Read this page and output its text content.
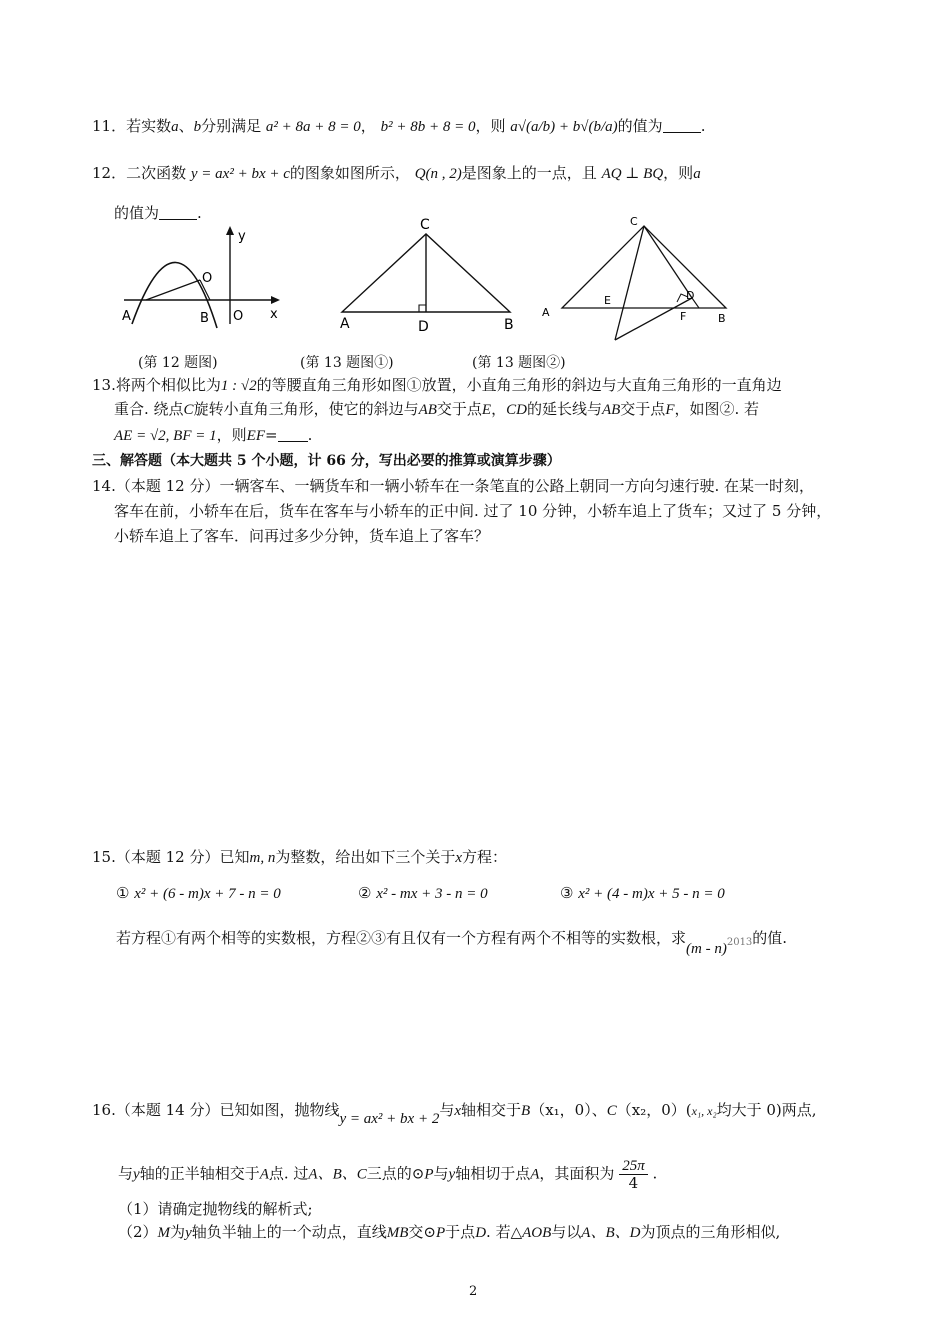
11．若实数a、b分别满足 a² + 8a + 8 = 0， b² + 8b + 8 = 0，则 a√(a/b) + b√(b/a)的值为	.
12．二次函数 y = ax² + bx + c的图象如图所示， Q(n , 2)是图象上的一点，且 AQ ⊥ BQ，则a
的值为	.
y
x
A	B O
O
C
A	D	B
C
A
E	D
F	B
(第 12 题图)	(第 13 题图①)	(第 13 题图②)
13.将两个相似比为1 : √2的等腰直角三角形如图①放置，小直角三角形的斜边与大直角三角形的一直角边
重合. 绕点C旋转小直角三角形，使它的斜边与AB交于点E，CD的延长线与AB交于点F，如图②. 若
AE = √2, BF = 1，则EF= .
三、解答题（本大题共 5 个小题，计 66 分，写出必要的推算或演算步骤）
14.（本题 12 分）一辆客车、一辆货车和一辆小轿车在一条笔直的公路上朝同一方向匀速行驶. 在某一时刻，
客车在前，小轿车在后，货车在客车与小轿车的正中间. 过了 10 分钟，小轿车追上了货车；又过了 5 分钟，
小轿车追上了客车．问再过多少分钟，货车追上了客车？
15.（本题 12 分）已知m, n为整数，给出如下三个关于x方程：
① x² + (6 - m)x + 7 - n = 0	② x² - mx + 3 - n = 0	③ x² + (4 - m)x + 5 - n = 0
若方程①有两个相等的实数根，方程②③有且仅有一个方程有两个不相等的实数根，求$(m - n)_{2013}$的值.
16.（本题 14 分）已知如图，抛物线y = ax² + bx + 2与x轴相交于B（x₁，0）、C（x₂，0）(x₁, x₂均大于 0)两点,
与y轴的正半轴相交于A点. 过A、B、C三点的⊙P与y轴相切于点A，其面积为 $\frac{25\pi}{4}$ .
（1）请确定抛物线的解析式;
（2）M为y轴负半轴上的一个动点，直线MB交⊙P于点D. 若△AOB与以A、B、D为顶点的三角形相似,
2
